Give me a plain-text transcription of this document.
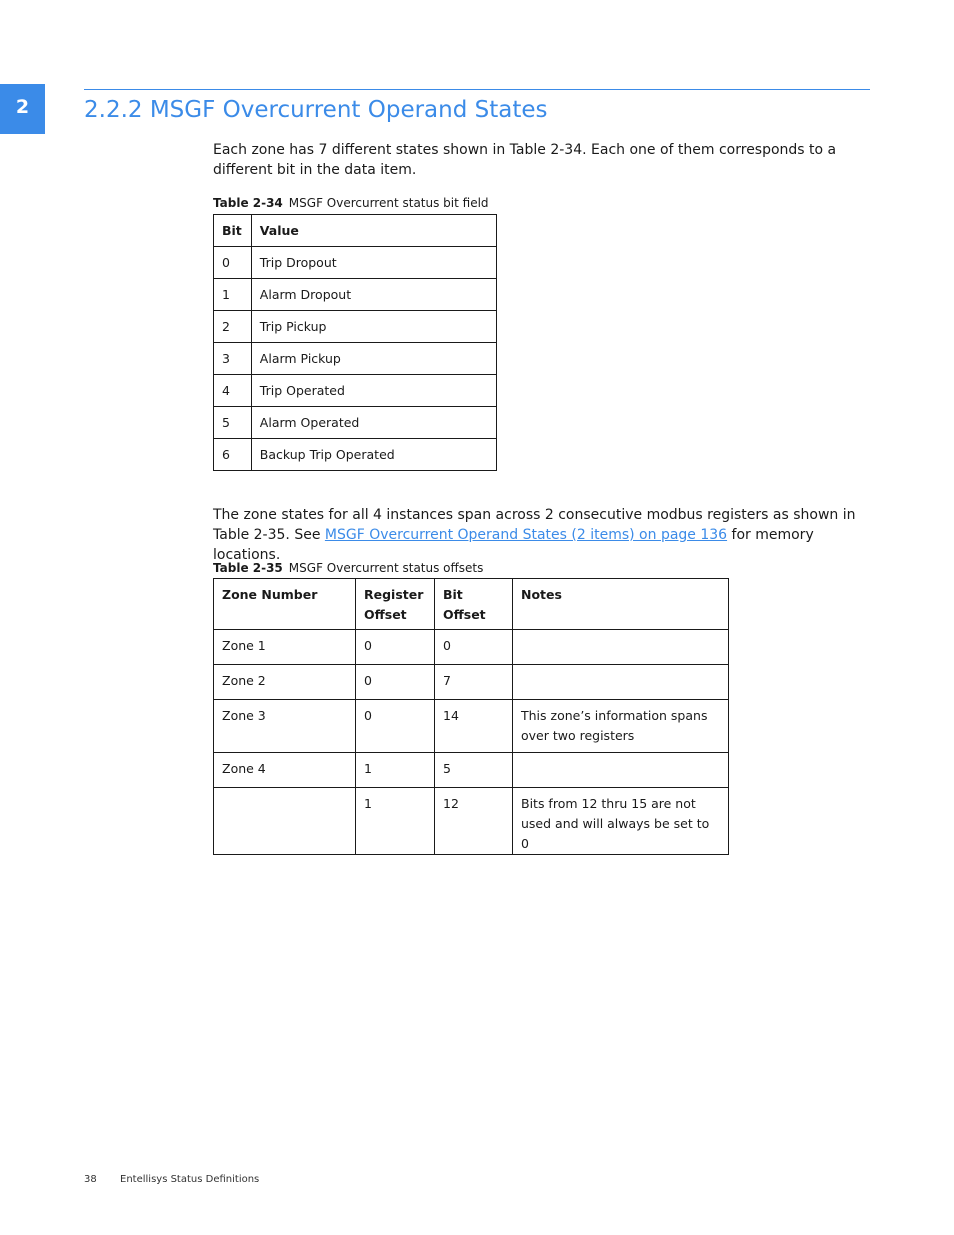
2	2.2.2 MSGF Overcurrent Operand States

Each zone has 7 different states shown in Table 2-34. Each one of them corresponds to a different bit in the data item.

Table 2-34 MSGF Overcurrent status bit field

Bit	Value
0	Trip Dropout
1	Alarm Dropout
2	Trip Pickup
3	Alarm Pickup
4	Trip Operated
5	Alarm Operated
6	Backup Trip Operated

The zone states for all 4 instances span across 2 consecutive modbus registers as shown in Table 2-35. See MSGF Overcurrent Operand States (2 items) on page 136 for memory locations.

Table 2-35 MSGF Overcurrent status offsets

Zone Number	Register Offset	Bit Offset	Notes
Zone 1	0	0	
Zone 2	0	7	
Zone 3	0	14	This zone’s information spans over two registers
Zone 4	1	5	
	1	12	Bits from 12 thru 15 are not used and will always be set to 0
38 Entellisys Status Definitions
